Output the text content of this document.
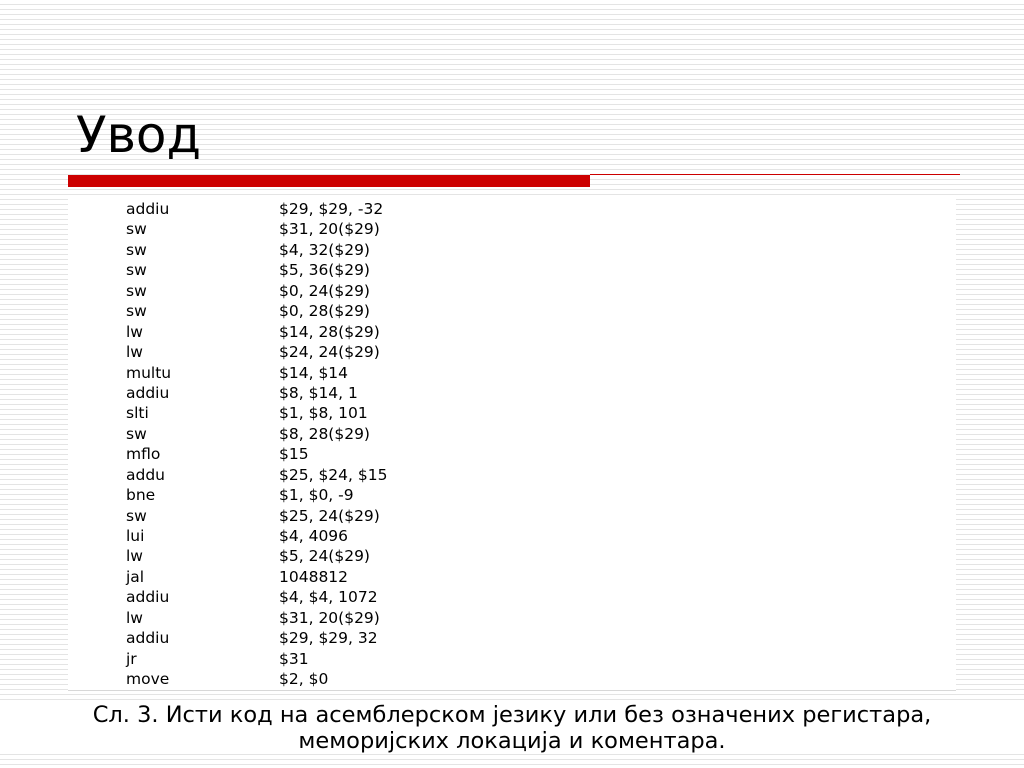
Увод
addiu	$29, $29, -32
sw	$31, 20($29)
sw	$4, 32($29)
sw	$5, 36($29)
sw	$0, 24($29)
sw	$0, 28($29)
lw	$14, 28($29)
lw	$24, 24($29)
multu	$14, $14
addiu	$8, $14, 1
slti	$1, $8, 101
sw	$8, 28($29)
mflo	$15
addu	$25, $24, $15
bne	$1, $0, -9
sw	$25, 24($29)
lui	$4, 4096
lw	$5, 24($29)
jal	1048812
addiu	$4, $4, 1072
lw	$31, 20($29)
addiu	$29, $29, 32
jr	$31
move	$2, $0
Сл. 3. Исти код на асемблерском језику или без означених регистара,
меморијских локација и коментара.
